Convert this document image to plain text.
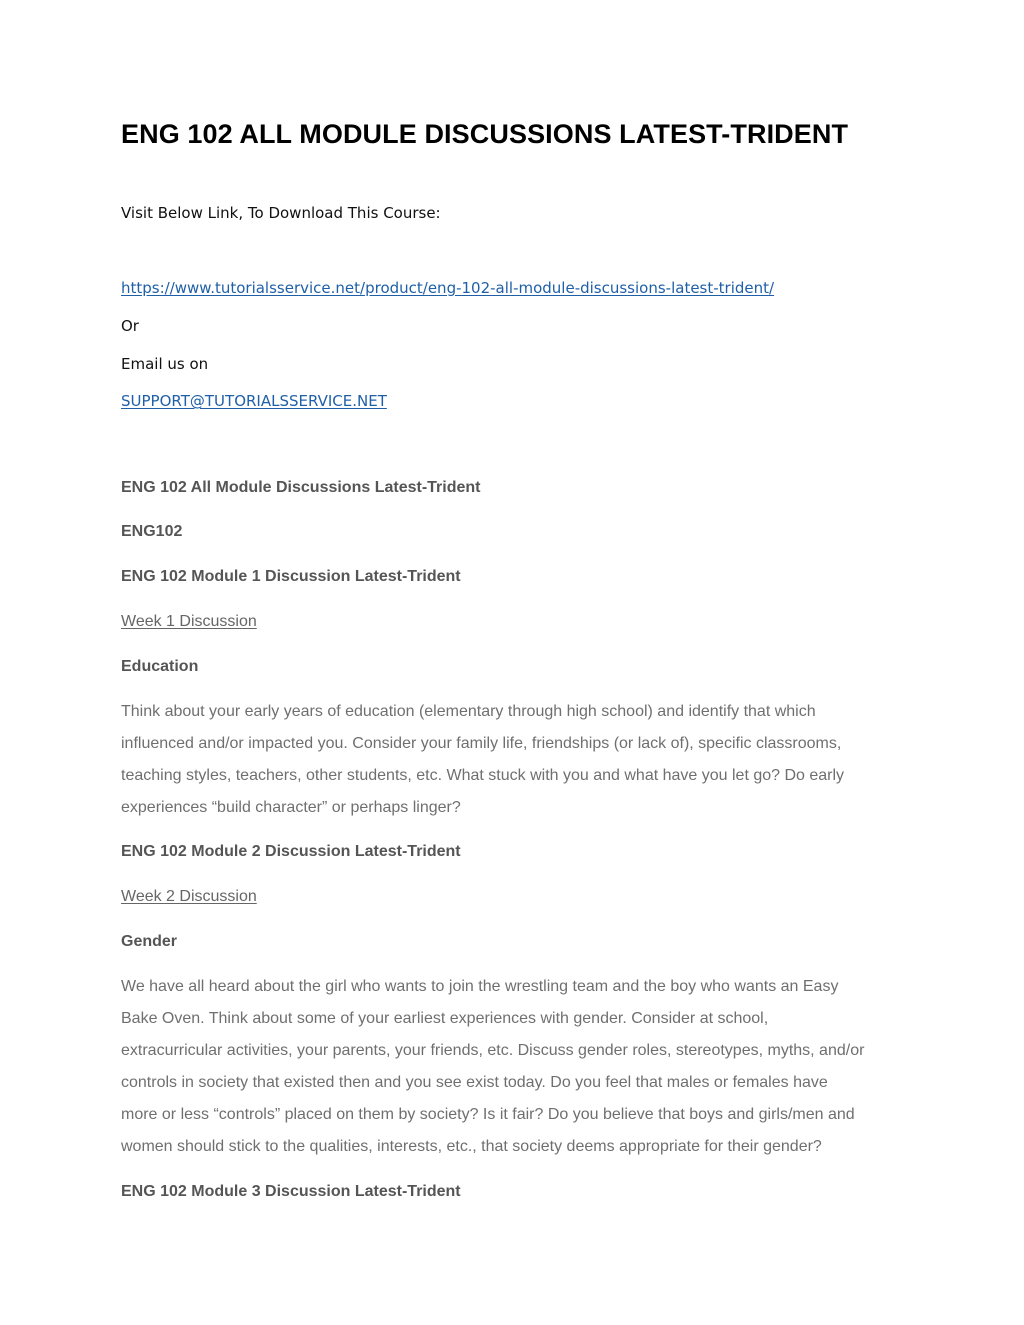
ENG 102 ALL MODULE DISCUSSIONS LATEST-TRIDENT
Visit Below Link, To Download This Course:
https://www.tutorialsservice.net/product/eng-102-all-module-discussions-latest-trident/
Or
Email us on
SUPPORT@TUTORIALSSERVICE.NET
ENG 102 All Module Discussions Latest-Trident
ENG102
ENG 102 Module 1 Discussion Latest-Trident
Week 1 Discussion
Education
Think about your early years of education (elementary through high school) and identify that which
influenced and/or impacted you. Consider your family life, friendships (or lack of), specific classrooms,
teaching styles, teachers, other students, etc. What stuck with you and what have you let go? Do early
experiences “build character” or perhaps linger?
ENG 102 Module 2 Discussion Latest-Trident
Week 2 Discussion
Gender
We have all heard about the girl who wants to join the wrestling team and the boy who wants an Easy
Bake Oven. Think about some of your earliest experiences with gender. Consider at school,
extracurricular activities, your parents, your friends, etc. Discuss gender roles, stereotypes, myths, and/or
controls in society that existed then and you see exist today. Do you feel that males or females have
more or less “controls” placed on them by society? Is it fair? Do you believe that boys and girls/men and
women should stick to the qualities, interests, etc., that society deems appropriate for their gender?
ENG 102 Module 3 Discussion Latest-Trident
